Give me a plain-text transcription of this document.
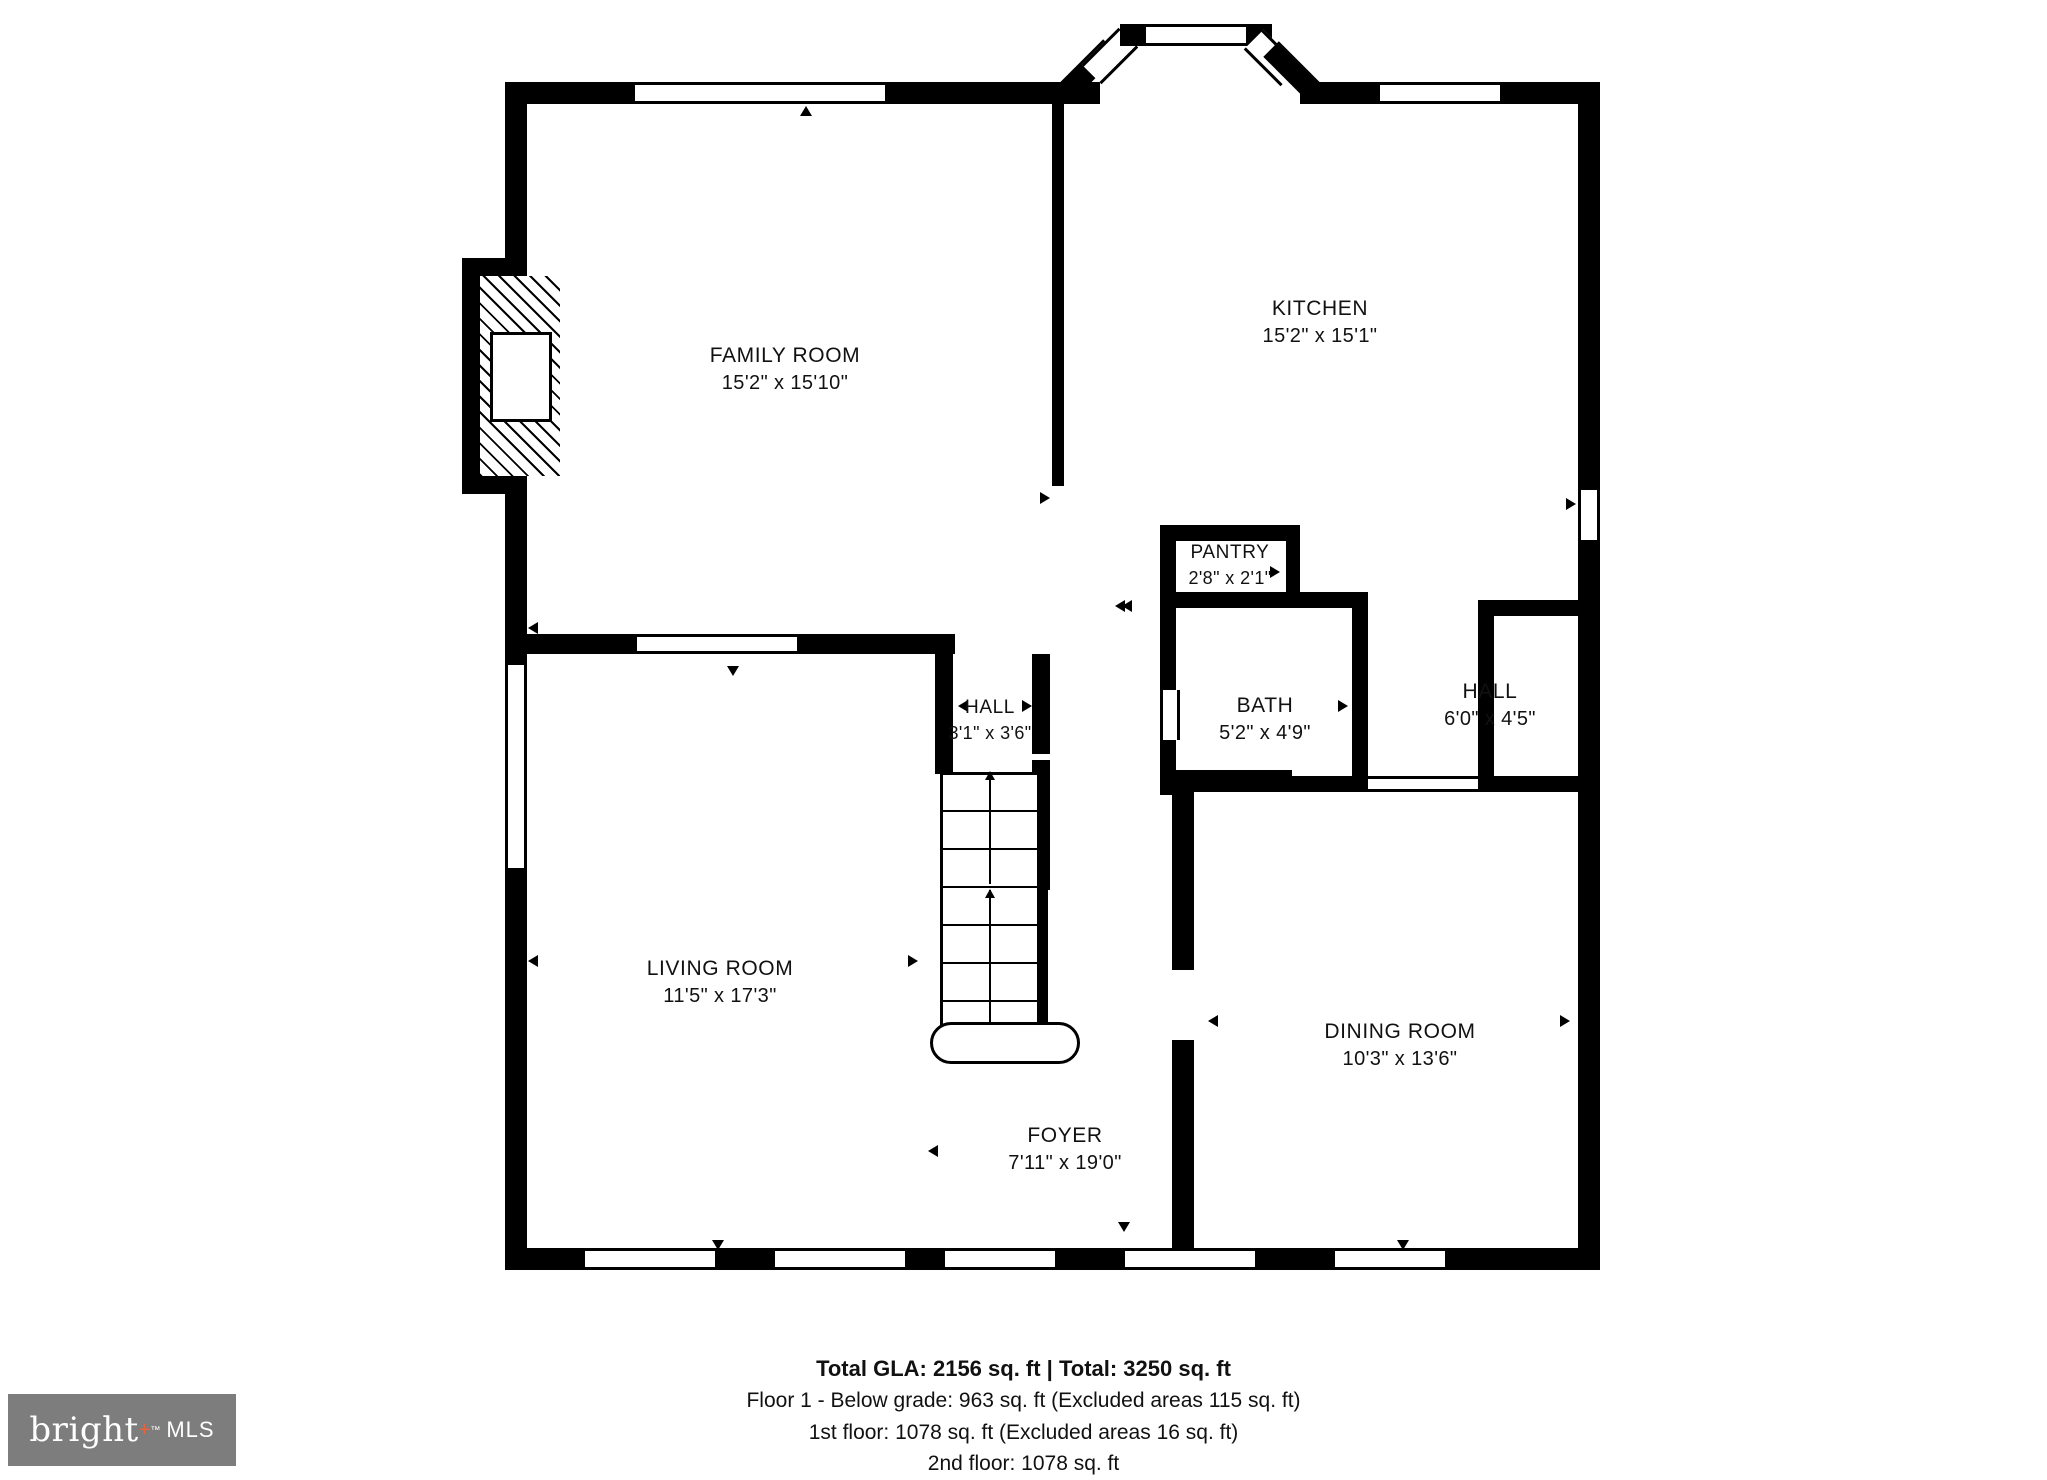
FAMILY ROOM
15'2" x 15'10"
KITCHEN
15'2" x 15'1"
PANTRY
2'8" x 2'1"
BATH
5'2" x 4'9"
HALL
6'0" x 4'5"
HALL
3'1" x 3'6"
LIVING ROOM
11'5" x 17'3"
DINING ROOM
10'3" x 13'6"
FOYER
7'11" x 19'0"
Total GLA: 2156 sq. ft | Total: 3250 sq. ft
Floor 1 - Below grade: 963 sq. ft (Excluded areas 115 sq. ft)
1st floor: 1078 sq. ft (Excluded areas 16 sq. ft)
2nd floor: 1078 sq. ft
bright + ™ MLS
